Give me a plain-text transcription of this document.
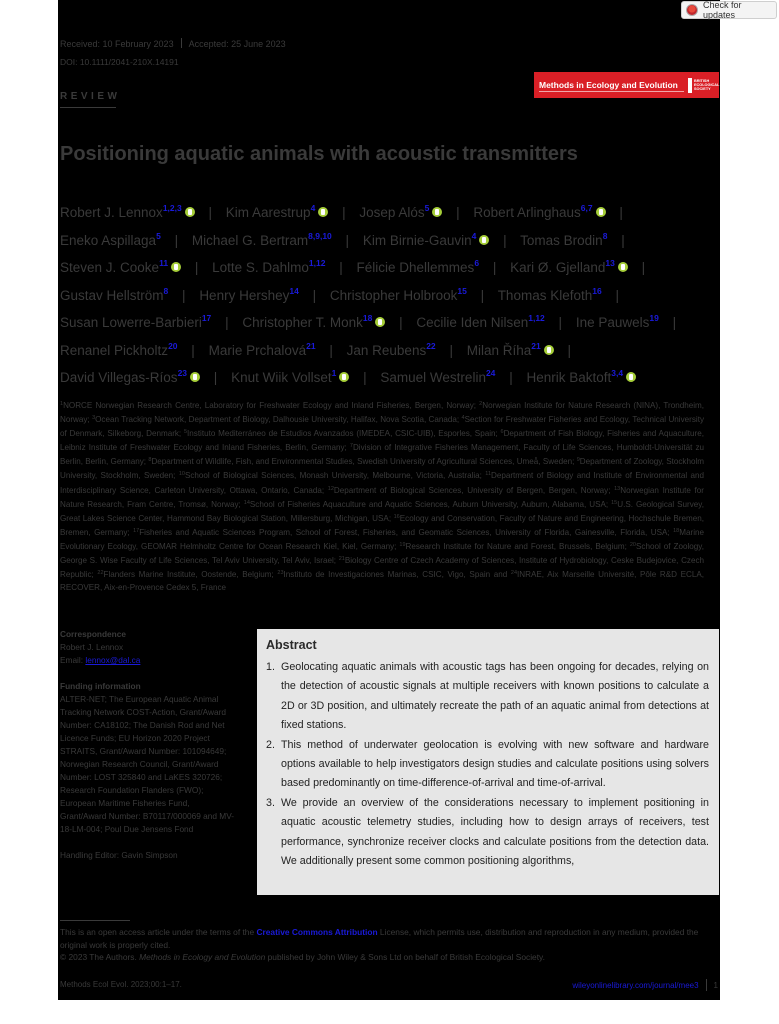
Received: 10 February 2023 Accepted: 25 June 2023
DOI: 10.1111/2041-210X.14191
REVIEW
Methods in Ecology and Evolution	BRITISH
ECOLOGICAL
SOCIETY
Positioning aquatic animals with acoustic transmitters
Robert J. Lennox$^{1,2,3}$ | Kim Aarestrup$^4$ | Josep Alós$^5$ | Robert Arlinghaus$^{6,7}$ | Eneko Aspillaga$^5$ | Michael G. Bertram$^{8,9,10}$ | Kim Birnie-Gauvin$^4$ | Tomas Brodin$^8$ | Steven J. Cooke$^{11}$ | Lotte S. Dahlmo$^{1,12}$ | Félicie Dhellemmes$^6$ | Kari Ø. Gjelland$^{13}$ | Gustav Hellström$^8$ | Henry Hershey$^{14}$ | Christopher Holbrook$^{15}$ | Thomas Klefoth$^{16}$ | Susan Lowerre-Barbieri$^{17}$ | Christopher T. Monk$^{18}$ | Cecilie Iden Nilsen$^{1,12}$ | Ine Pauwels$^{19}$ | Renanel Pickholtz$^{20}$ | Marie Prchalová$^{21}$ | Jan Reubens$^{22}$ | Milan Říha$^{21}$ | David Villegas-Ríos$^{23}$ | Knut Wiik Vollset$^1$ | Samuel Westrelin$^{24}$ | Henrik Baktoft$^{3,4}$
$^1$NORCE Norwegian Research Centre, Laboratory for Freshwater Ecology and Inland Fisheries, Bergen, Norway; $^2$Norwegian Institute for Nature Research (NINA), Trondheim, Norway; $^3$Ocean Tracking Network, Department of Biology, Dalhousie University, Halifax, Nova Scotia, Canada; $^4$Section for Freshwater Fisheries and Ecology, Technical University of Denmark, Silkeborg, Denmark; $^5$Instituto Mediterráneo de Estudios Avanzados (IMEDEA, CSIC-UIB), Esporles, Spain; $^6$Department of Fish Biology, Fisheries and Aquaculture, Leibniz Institute of Freshwater Ecology and Inland Fisheries, Berlin, Germany; $^7$Division of Integrative Fisheries Management, Faculty of Life Sciences, Humboldt-Universität zu Berlin, Berlin, Germany; $^8$Department of Wildlife, Fish, and Environmental Studies, Swedish University of Agricultural Sciences, Umeå, Sweden; $^9$Department of Zoology, Stockholm University, Stockholm, Sweden; $^{10}$School of Biological Sciences, Monash University, Melbourne, Victoria, Australia; $^{11}$Department of Biology and Institute of Environmental and Interdisciplinary Science, Carleton University, Ottawa, Ontario, Canada; $^{12}$Department of Biological Sciences, University of Bergen, Bergen, Norway; $^{13}$Norwegian Institute for Nature Research, Fram Centre, Tromsø, Norway; $^{14}$School of Fisheries Aquaculture and Aquatic Sciences, Auburn University, Auburn, Alabama, USA; $^{15}$U.S. Geological Survey, Great Lakes Science Center, Hammond Bay Biological Station, Millersburg, Michigan, USA; $^{16}$Ecology and Conservation, Faculty of Nature and Engineering, Hochschule Bremen, Bremen, Germany; $^{17}$Fisheries and Aquatic Sciences Program, School of Forest, Fisheries, and Geomatic Sciences, University of Florida, Gainesville, Florida, USA; $^{18}$Marine Evolutionary Ecology, GEOMAR Helmholtz Centre for Ocean Research Kiel, Kiel, Germany; $^{19}$Research Institute for Nature and Forest, Brussels, Belgium; $^{20}$School of Zoology, George S. Wise Faculty of Life Sciences, Tel Aviv University, Tel Aviv, Israel; $^{21}$Biology Centre of Czech Academy of Sciences, Institute of Hydrobiology, Ceske Budejovice, Czech Republic; $^{22}$Flanders Marine Institute, Oostende, Belgium; $^{23}$Instituto de Investigaciones Marinas, CSIC, Vigo, Spain and $^{24}$INRAE, Aix Marseille Université, Pôle R&D ECLA, RECOVER, Aix-en-Provence Cedex 5, France
Correspondence
Robert J. Lennox
Email: lennox@dal.ca
Funding information
ALTER-NET; The European Aquatic Animal Tracking Network COST-Action, Grant/Award Number: CA18102; The Danish Rod and Net Licence Funds; EU Horizon 2020 Project STRAITS, Grant/Award Number: 101094649; Norwegian Research Council, Grant/Award Number: LOST 325840 and LaKES 320726; Research Foundation Flanders (FWO); European Maritime Fisheries Fund, Grant/Award Number: B70117/000069 and MV-18-LM-004; Poul Due Jensens Fond
Handling Editor: Gavin Simpson
Abstract
1. Geolocating aquatic animals with acoustic tags has been ongoing for decades, relying on the detection of acoustic signals at multiple receivers with known positions to calculate a 2D or 3D position, and ultimately recreate the path of an aquatic animal from detections at fixed stations.
2. This method of underwater geolocation is evolving with new software and hardware options available to help investigators design studies and calculate positions using solvers based predominantly on time-difference-of-arrival and time-of-arrival.
3. We provide an overview of the considerations necessary to implement positioning in aquatic acoustic telemetry studies, including how to design arrays of receivers, test performance, synchronize receiver clocks and calculate positions from the detection data. We additionally present some common positioning algorithms,
This is an open access article under the terms of the Creative Commons Attribution License, which permits use, distribution and reproduction in any medium, provided the original work is properly cited.
© 2023 The Authors. Methods in Ecology and Evolution published by John Wiley & Sons Ltd on behalf of British Ecological Society.
Methods Ecol Evol. 2023;00:1–17.	wileyonlinelibrary.com/journal/mee3 1
Check for updates
